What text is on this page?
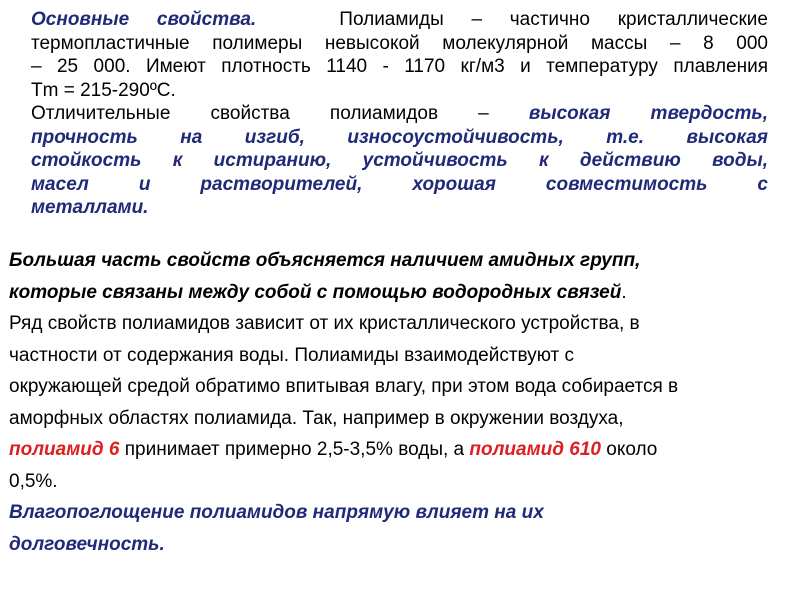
Основные свойства.	Полиамиды – частично кристаллические
термопластичные полимеры невысокой молекулярной массы – 8 000
– 25 000. Имеют плотность 1140 - 1170 кг/м3 и температуру плавления
Tm = 215-290ºС.
Отличительные свойства полиамидов – высокая твердость,
прочность на изгиб, износоустойчивость, т.е. высокая
стойкость к истиранию, устойчивость к действию воды,
масел и растворителей, хорошая совместимость с
металлами.
Большая часть свойств объясняется наличием амидных групп,
которые связаны между собой с помощью водородных связей.
Ряд свойств полиамидов зависит от их кристаллического устройства, в
частности от содержания воды. Полиамиды взаимодействуют с
окружающей средой обратимо впитывая влагу, при этом вода собирается в
аморфных областях полиамида. Так, например в окружении воздуха,
полиамид 6 принимает примерно 2,5-3,5% воды, а полиамид 610 около
0,5%.
Влагопоглощение полиамидов напрямую влияет на их
долговечность.
